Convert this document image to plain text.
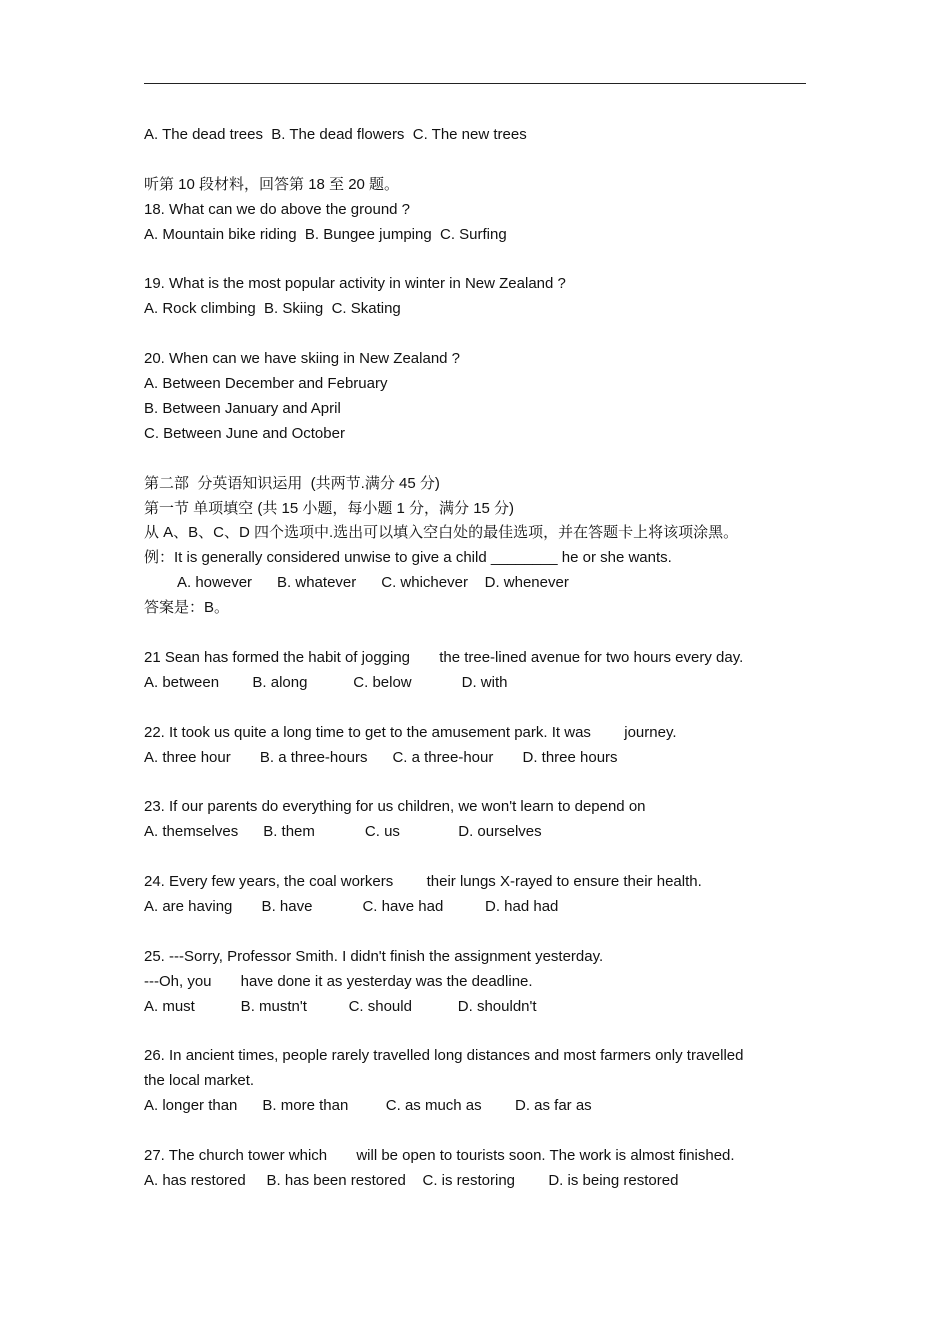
A. The dead trees  B. The dead flowers  C. The new trees
听第 10 段材料，回答第 18 至 20 题。
18. What can we do above the ground ?
A. Mountain bike riding  B. Bungee jumping  C. Surfing
19. What is the most popular activity in winter in New Zealand ?
A. Rock climbing  B. Skiing  C. Skating
20. When can we have skiing in New Zealand ?
A. Between December and February
B. Between January and April
C. Between June and October
第二部  分英语知识运用  (共两节.满分 45 分)
第一节 单项填空 (共 15 小题，每小题 1 分，满分 15 分)
从 A、B、C、D 四个选项中.选出可以填入空白处的最佳选项，并在答题卡上将该项涂黑。
例：It is generally considered unwise to give a child ________ he or she wants.
A. however      B. whatever      C. whichever    D. whenever
答案是：B。
21 Sean has formed the habit of jogging       the tree-lined avenue for two hours every day.
A. between        B. along           C. below            D. with
22. It took us quite a long time to get to the amusement park. It was        journey.
A. three hour       B. a three-hours      C. a three-hour       D. three hours
23. If our parents do everything for us children, we won't learn to depend on
A. themselves      B. them            C. us              D. ourselves
24. Every few years, the coal workers        their lungs X-rayed to ensure their health.
A. are having       B. have            C. have had          D. had had
25. ---Sorry, Professor Smith. I didn't finish the assignment yesterday.
---Oh, you       have done it as yesterday was the deadline.
A. must           B. mustn't          C. should           D. shouldn't
26. In ancient times, people rarely travelled long distances and most farmers only travelled
the local market.
A. longer than      B. more than         C. as much as        D. as far as
27. The church tower which       will be open to tourists soon. The work is almost finished.
A. has restored     B. has been restored    C. is restoring        D. is being restored
